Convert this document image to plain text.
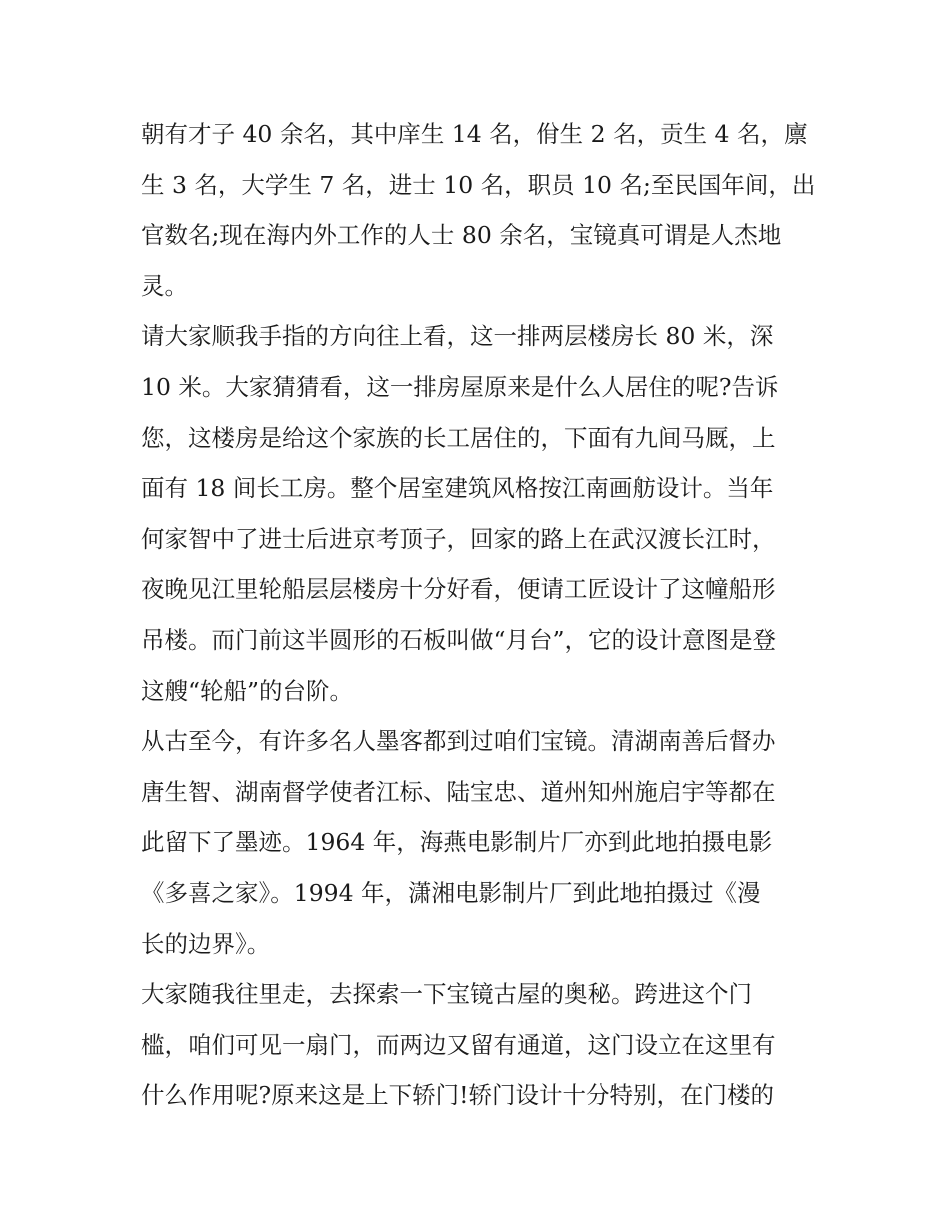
朝有才子 40 余名，其中庠生 14 名，佾生 2 名，贡生 4 名，廪
生 3 名，大学生 7 名，进士 10 名，职员 10 名;至民国年间，出
官数名;现在海内外工作的人士 80 余名，宝镜真可谓是人杰地
灵。
请大家顺我手指的方向往上看，这一排两层楼房长 80 米，深
10 米。大家猜猜看，这一排房屋原来是什么人居住的呢?告诉
您，这楼房是给这个家族的长工居住的，下面有九间马厩，上
面有 18 间长工房。整个居室建筑风格按江南画舫设计。当年
何家智中了进士后进京考顶子，回家的路上在武汉渡长江时，
夜晚见江里轮船层层楼房十分好看，便请工匠设计了这幢船形
吊楼。而门前这半圆形的石板叫做“月台”，它的设计意图是登
这艘“轮船”的台阶。
从古至今，有许多名人墨客都到过咱们宝镜。清湖南善后督办
唐生智、湖南督学使者江标、陆宝忠、道州知州施启宇等都在
此留下了墨迹。1964 年，海燕电影制片厂亦到此地拍摄电影
《多喜之家》。1994 年，潇湘电影制片厂到此地拍摄过《漫
长的边界》。
大家随我往里走，去探索一下宝镜古屋的奥秘。跨进这个门
槛，咱们可见一扇门，而两边又留有通道，这门设立在这里有
什么作用呢?原来这是上下轿门!轿门设计十分特别，在门楼的
